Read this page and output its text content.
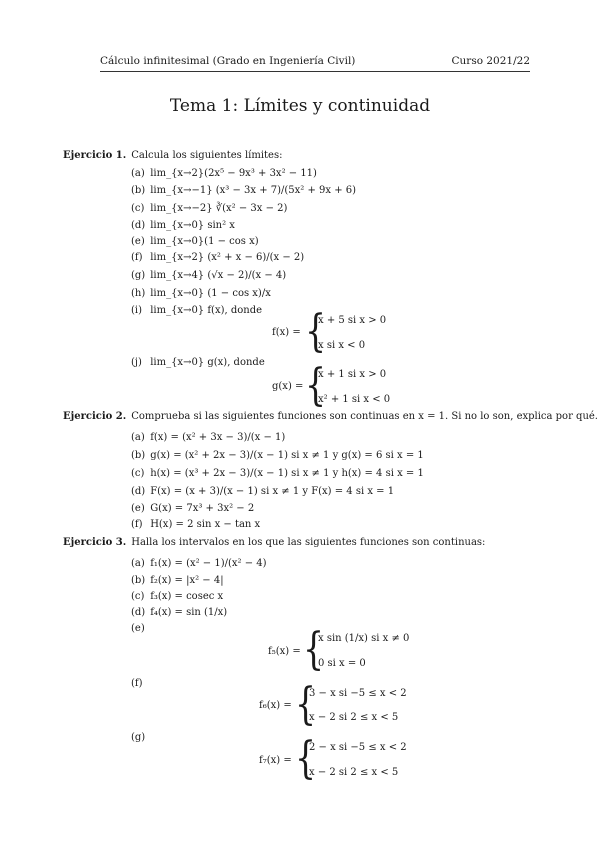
Cálculo infinitesimal (Grado en Ingeniería Civil)	Curso 2021/22
Tema 1: Límites y continuidad
Ejercicio 1. Calcula los siguientes límites:
(a) lim_{x→2}(2x⁵ − 9x³ + 3x² − 11)
(b) lim_{x→−1} (x³ − 3x + 7)/(5x² + 9x + 6)
(c) lim_{x→−2} ∛(x² − 3x − 2)
(d) lim_{x→0} sin² x
(e) lim_{x→0}(1 − cos x)
(f) lim_{x→2} (x² + x − 6)/(x − 2)
(g) lim_{x→4} (√x − 2)/(x − 4)
(h) lim_{x→0} (1 − cos x)/x
(i) lim_{x→0} f(x), donde
f(x) = {
x + 5 si x > 0
x si x < 0
(j) lim_{x→0} g(x), donde
g(x) = {
x + 1 si x > 0
x² + 1 si x < 0
Ejercicio 2. Comprueba si las siguientes funciones son continuas en x = 1. Si no lo son, explica por qué.
(a) f(x) = (x² + 3x − 3)/(x − 1)
(b) g(x) = (x² + 2x − 3)/(x − 1) si x ≠ 1 y g(x) = 6 si x = 1
(c) h(x) = (x³ + 2x − 3)/(x − 1) si x ≠ 1 y h(x) = 4 si x = 1
(d) F(x) = (x + 3)/(x − 1) si x ≠ 1 y F(x) = 4 si x = 1
(e) G(x) = 7x³ + 3x² − 2
(f) H(x) = 2 sin x − tan x
Ejercicio 3. Halla los intervalos en los que las siguientes funciones son continuas:
(a) f₁(x) = (x² − 1)/(x² − 4)
(b) f₂(x) = |x² − 4|
(c) f₃(x) = cosec x
(d) f₄(x) = sin (1/x)
(e)
f₅(x) = {
x sin (1/x) si x ≠ 0
0 si x = 0
(f)
f₆(x) = {
3 − x si −5 ≤ x < 2
x − 2 si 2 ≤ x < 5
(g)
f₇(x) = {
2 − x si −5 ≤ x < 2
x − 2 si 2 ≤ x < 5
